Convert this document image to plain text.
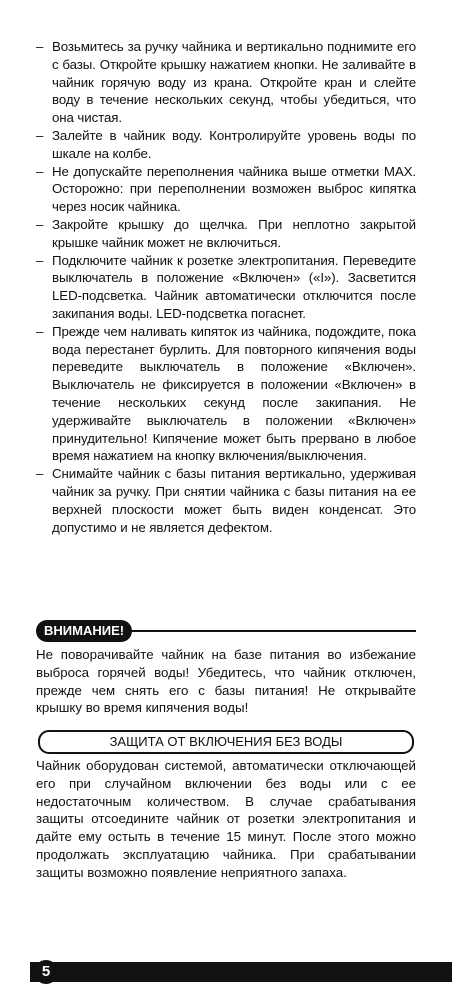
– Возьмитесь за ручку чайника и вертикально поднимите его с базы. Откройте крышку нажатием кнопки. Не заливайте в чайник горячую воду из крана. Откройте кран и слейте воду в течение нескольких секунд, чтобы убедиться, что она чистая.
– Залейте в чайник воду. Контролируйте уровень воды по шкале на колбе.
– Не допускайте переполнения чайника выше отметки MAX. Осторожно: при переполнении возможен выброс кипятка через носик чайника.
– Закройте крышку до щелчка. При неплотно закрытой крышке чайник может не включиться.
– Подключите чайник к розетке электропитания. Переведите выключатель в положение «Включен» («I»). Засветится LED-подсветка. Чайник автоматически отключится после закипания воды. LED-подсветка погаснет.
– Прежде чем наливать кипяток из чайника, подождите, пока вода перестанет бурлить. Для повторного кипячения воды переведите выключатель в положение «Включен». Выключатель не фиксируется в положении «Включен» в течение нескольких секунд после закипания. Не удерживайте выключатель в положении «Включен» принудительно! Кипячение может быть прервано в любое время нажатием на кнопку включения/выключения.
– Снимайте чайник с базы питания вертикально, удерживая чайник за ручку. При снятии чайника с базы питания на ее верхней плоскости может быть виден конденсат. Это допустимо и не является дефектом.
ВНИМАНИЕ!
Не поворачивайте чайник на базе питания во избежание выброса горячей воды! Убедитесь, что чайник отключен, прежде чем снять его с базы питания! Не открывайте крышку во время кипячения воды!
ЗАЩИТА ОТ ВКЛЮЧЕНИЯ БЕЗ ВОДЫ
Чайник оборудован системой, автоматически отключающей его при случайном включении без воды или с ее недостаточным количеством. В случае срабатывания защиты отсоедините чайник от розетки электропитания и дайте ему остыть в течение 15 минут. После этого можно продолжать эксплуатацию чайника. При срабатывании защиты возможно появление неприятного запаха.
5
